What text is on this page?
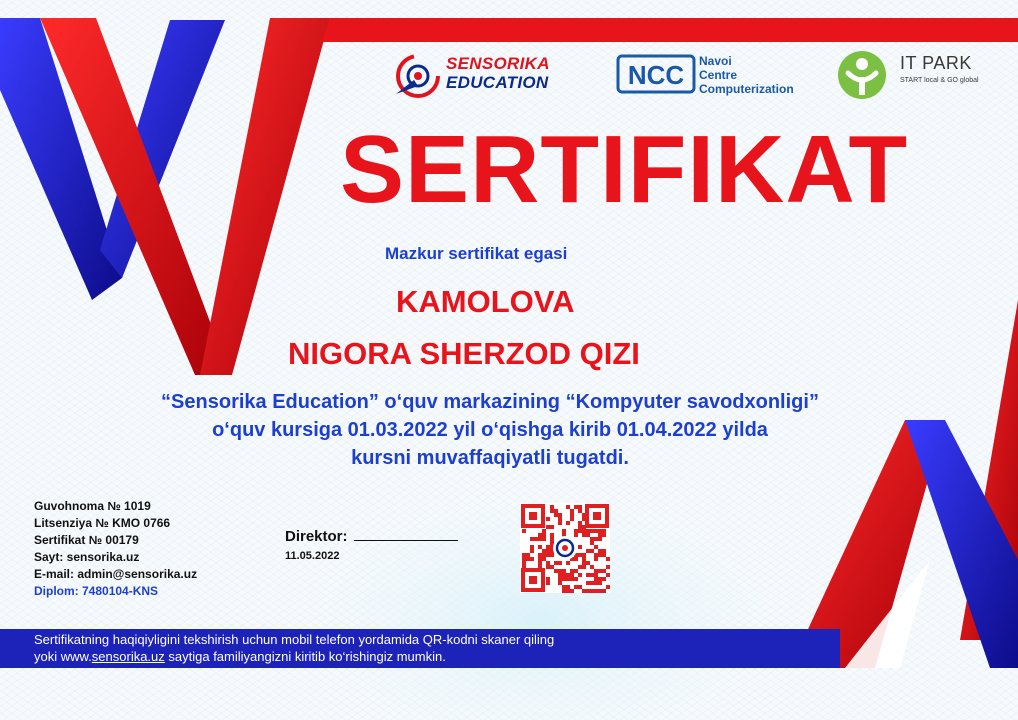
SENSORIKA
EDUCATION	NCC Navoi
Centre
Computerization
IT PARK
START local & GO global
SERTIFIKAT
Mazkur sertifikat egasi
KAMOLOVA
NIGORA SHERZOD QIZI
“Sensorika Education” o‘quv markazining “Kompyuter savodxonligi”
o‘quv kursiga 01.03.2022 yil o‘qishga kirib 01.04.2022 yilda
kursni muvaffaqiyatli tugatdi.
Guvohnoma № 1019
Litsenziya № KMO 0766
Sertifikat № 00179
Sayt: sensorika.uz
E-mail: admin@sensorika.uz
Diplom: 7480104-KNS
Direktor:
11.05.2022
Sertifikatning haqiqiyligini tekshirish uchun mobil telefon yordamida QR-kodni skaner qiling
yoki www.sensorika.uz saytiga familiyangizni kiritib ko‘rishingiz mumkin.
